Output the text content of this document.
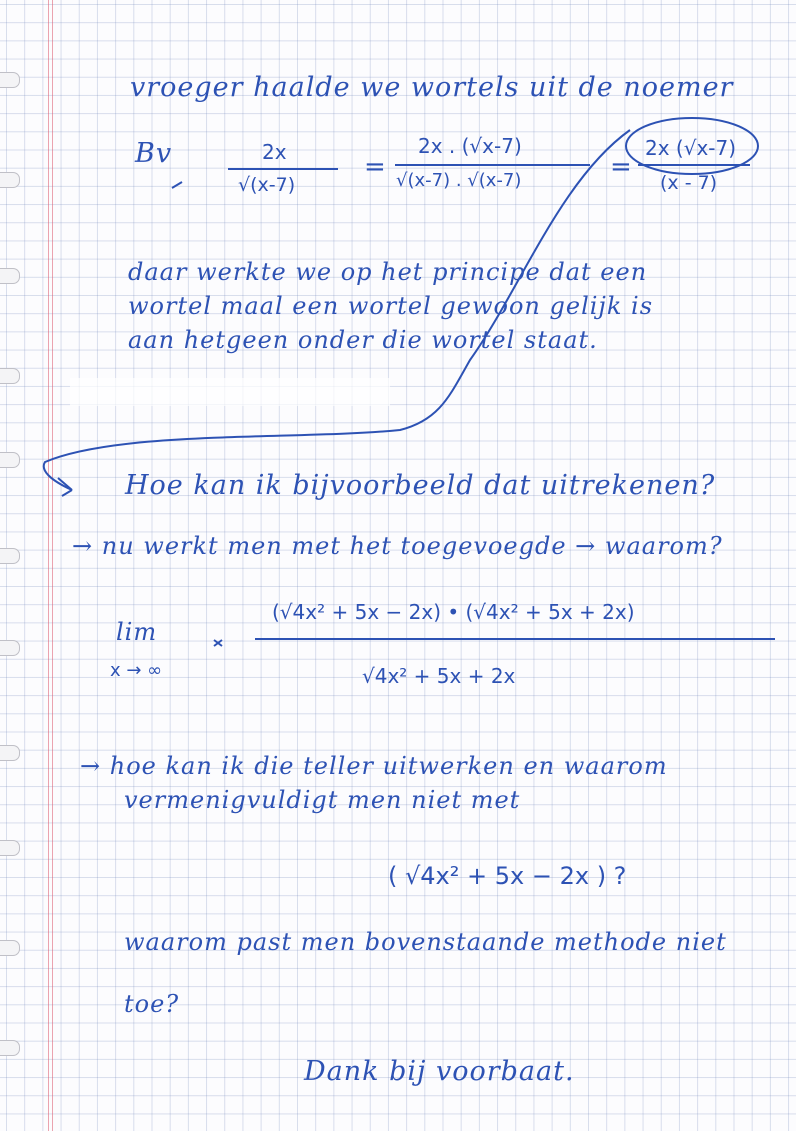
vroeger haalde we wortels uit de noemer
Bv	2x
√(x-7)
=
2x . (√x-7)
√(x-7) . √(x-7)	=
2x (√x-7)
(x - 7)
daar werkte we op het principe dat een
wortel maal een wortel gewoon gelijk is
aan hetgeen onder die wortel staat.
Hoe kan ik bijvoorbeeld dat uitrekenen?
→ nu werkt men met het toegevoegde → waarom?
lim
x → ∞
(√4x² + 5x − 2x) • (√4x² + 5x + 2x)
√4x² + 5x + 2x
→ hoe kan ik die teller uitwerken en waarom
vermenigvuldigt men niet met
( √4x² + 5x − 2x ) ?
waarom past men bovenstaande methode niet
toe?
Dank bij voorbaat.
